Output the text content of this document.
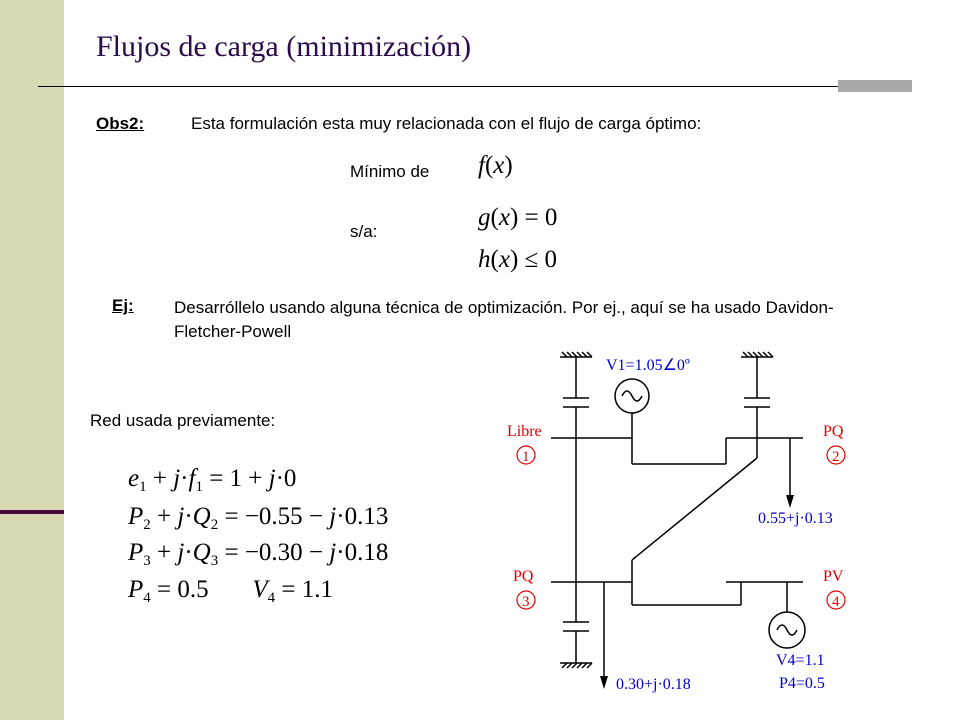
Flujos de carga (minimización)
Obs2:	Esta formulación esta muy relacionada con el flujo de carga óptimo:
Mínimo de f(x)
s/a:
g(x) = 0
h(x) ≤ 0
Ej: Desarróllelo usando alguna técnica de optimización. Por ej., aquí se ha usado Davidon-Fletcher-Powell
Red usada previamente:
$e_1 + j\cdot f_1 = 1 + j\cdot 0$
$P_2 + j\cdot Q_2 = -0.55 - j\cdot 0.13$
$P_3 + j\cdot Q_3 = -0.30 - j\cdot 0.18$
$P_4 = 0.5$       $V_4 = 1.1$
Libre
1
PQ
2
PQ
3
PV
4
V1=1.05∠0º
0.55+j·0.13
0.30+j·0.18
V4=1.1
P4=0.5
